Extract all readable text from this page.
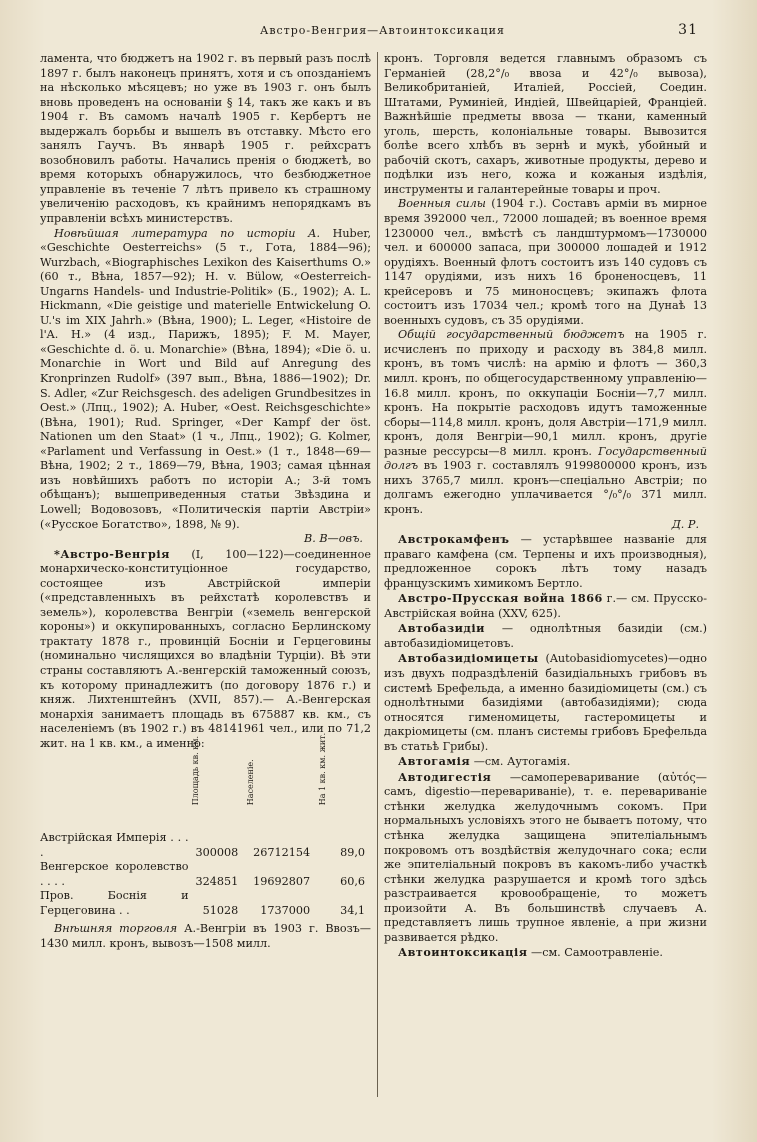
Австро-Венгрия—Автоинтоксикация	31

ламента, что бюджетъ на 1902 г. въ первый разъ послѣ 1897 г. былъ наконецъ принятъ, хотя и съ опозданіемъ на нѣсколько мѣсяцевъ; но уже въ 1903 г. онъ былъ вновь проведенъ на основаніи § 14, такъ же какъ и въ 1904 г. Въ самомъ началѣ 1905 г. Кербертъ не выдержалъ борьбы и вышелъ въ отставку. Мѣсто его занялъ Гаучъ. Въ январѣ 1905 г. рейхсратъ возобновилъ работы. Начались пренія о бюджетѣ, во время которыхъ обнаружилось, что безбюджетное управленіе въ теченіе 7 лѣтъ привело къ страшному увеличенію расходовъ, къ крайнимъ непорядкамъ въ управленіи всѣхъ министерствъ.

Новѣйшая литература по исторіи А. Huber, «Geschichte Oesterreichs» (5 т., Гота, 1884—96); Wurzbach, «Biographisches Lexikon des Kaiserthums O.» (60 т., Вѣна, 1857—92); H. v. Bülow, «Oesterreich-Ungarns Handels- und Industrie-Politik» (Б., 1902); A. L. Hickmann, «Die geistige und materielle Entwickelung O. U.'s im XIX Jahrh.» (Вѣна, 1900); L. Leger, «Histoire de l'A. H.» (4 изд., Парижъ, 1895); F. M. Mayer, «Geschichte d. ö. u. Monarchie» (Вѣна, 1894); «Die ö. u. Monarchie in Wort und Bild auf Anregung des Kronprinzen Rudolf» (397 вып., Вѣна, 1886—1902); Dr. S. Adler, «Zur Reichsgesch. des adeligen Grundbesitzes in Oest.» (Лпц., 1902); A. Huber, «Oest. Reichsgeschichte» (Вѣна, 1901); Rud. Springer, «Der Kampf der öst. Nationen um den Staat» (1 ч., Лпц., 1902); G. Kolmer, «Parlament und Verfassung in Oest.» (1 т., 1848—69—Вѣна, 1902; 2 т., 1869—79, Вѣна, 1903; самая цѣнная изъ новѣйшихъ работъ по исторіи А.; 3-й томъ обѣщанъ); вышеприведенныя статьи Звѣздина и Lowell; Водовозовъ, «Политическія партіи Австріи» («Русское Богатство», 1898, № 9).

В. В—овъ.

*Австро-Венгрія (I, 100—122)—соединенное монархическо-конституціонное государство, состоящее изъ Австрійской имперіи («представленныхъ въ рейхстатѣ королевствъ и земель»), королевства Венгріи («земель венгерской короны») и оккупированныхъ, согласно Берлинскому трактату 1878 г., провинцій Босніи и Герцеговины (номинально числящихся во владѣніи Турціи). Вѣ эти страны составляютъ А.-венгерскій таможенный союзъ, къ которому принадлежитъ (по договору 1876 г.) и княж. Лихтенштейнъ (XVII, 857).— А.-Венгерская монархія занимаетъ площадь въ 675887 кв. км., съ населеніемъ (въ 1902 г.) въ 48141961 чел., или по 71,2 жит. на 1 кв. км., а именно:

	Площадь кв. км.	Населеніе.	На 1 кв. км. жит.
Австрійская Имперія . . . .	300008	26712154	89,0
Венгерское королевство . . . .	324851	19692807	60,6
Пров. Боснія и Герцеговина . .	51028	1737000	34,1

Внѣшняя торговля А.-Венгріи въ 1903 г. Ввозъ—1430 милл. кронъ, вывозъ—1508 милл.

кронъ. Торговля ведется главнымъ образомъ съ Германіей (28,2°/₀ ввоза и 42°/₀ вывоза), Великобританіей, Италіей, Россіей, Соедин. Штатами, Руминіей, Индіей, Швейцаріей, Франціей. Важнѣйшіе предметы ввоза — ткани, каменный уголь, шерсть, колоніальные товары. Вывозится болѣе всего хлѣбъ въ зернѣ и мукѣ, убойный и рабочій скотъ, сахаръ, животные продукты, дерево и подѣлки изъ него, кожа и кожаныя издѣлія, инструменты и галантерейные товары и проч.

Военныя силы (1904 г.). Составъ арміи въ мирное время 392000 чел., 72000 лошадей; въ военное время 1230000 чел., вмѣстѣ съ ландштурмомъ—1730000 чел. и 600000 запаса, при 300000 лошадей и 1912 орудіяхъ. Военный флотъ состоитъ изъ 140 судовъ съ 1147 орудіями, изъ нихъ 16 броненосцевъ, 11 крейсеровъ и 75 миноносцевъ; экипажъ флота состоитъ изъ 17034 чел.; кромѣ того на Дунаѣ 13 военныхъ судовъ, съ 35 орудіями.

Общій государственный бюджетъ на 1905 г. исчисленъ по приходу и расходу въ 384,8 милл. кронъ, въ томъ числѣ: на армію и флотъ — 360,3 милл. кронъ, по общегосударственному управленію—16.8 милл. кронъ, по оккупаціи Босніи—7,7 милл. кронъ. На покрытіе расходовъ идутъ таможенные сборы—114,8 милл. кронъ, доля Австріи—171,9 милл. кронъ, доля Венгріи—90,1 милл. кронъ, другіе разные рессурсы—8 милл. кронъ. Государственный долгъ въ 1903 г. составлялъ 9199800000 кронъ, изъ нихъ 3765,7 милл. кронъ—спеціально Австріи; по долгамъ ежегодно уплачивается °/₀°/₀ 371 милл. кронъ.

Д. Р.

Австрокамфенъ — устарѣвшее названіе для праваго камфена (см. Терпены и ихъ производныя), предложенное сорокъ лѣтъ тому назадъ французскимъ химикомъ Бертло.

Австро-Прусская война 1866 г.— см. Прусско-Австрійская война (XXV, 625).

Автобазидіи — однолѣтныя базидіи (см.) автобазидіомицетовъ.

Автобазидіомицеты (Autobasidiomycetes)—одно изъ двухъ подраздѣленій базидіальныхъ грибовъ въ системѣ Брефельда, а именно базидіомицеты (см.) съ однолѣтными базидіями (автобазидіями); сюда относятся гименомицеты, гастеромицеты и дакріомицеты (см. планъ системы грибовъ Брефельда въ статьѣ Грибы).

Автогамія —см. Аутогамія.

Автодигестія —самопереваривание (αὐτός—самъ, digestio—перевариваніе), т. е. перевариваніе стѣнки желудка желудочнымъ сокомъ. При нормальныхъ условіяхъ этого не бываетъ потому, что стѣнка желудка защищена эпителіальнымъ покровомъ отъ воздѣйствія желудочнаго сока; если же эпителіальный покровъ въ какомъ-либо участкѣ стѣнки желудка разрушается и кромѣ того здѣсь разстраивается кровообращеніе, то можетъ произойти А. Въ большинствѣ случаевъ А. представляетъ лишь трупное явленіе, а при жизни развивается рѣдко.

Автоинтоксикація —см. Самоотравленіе.
